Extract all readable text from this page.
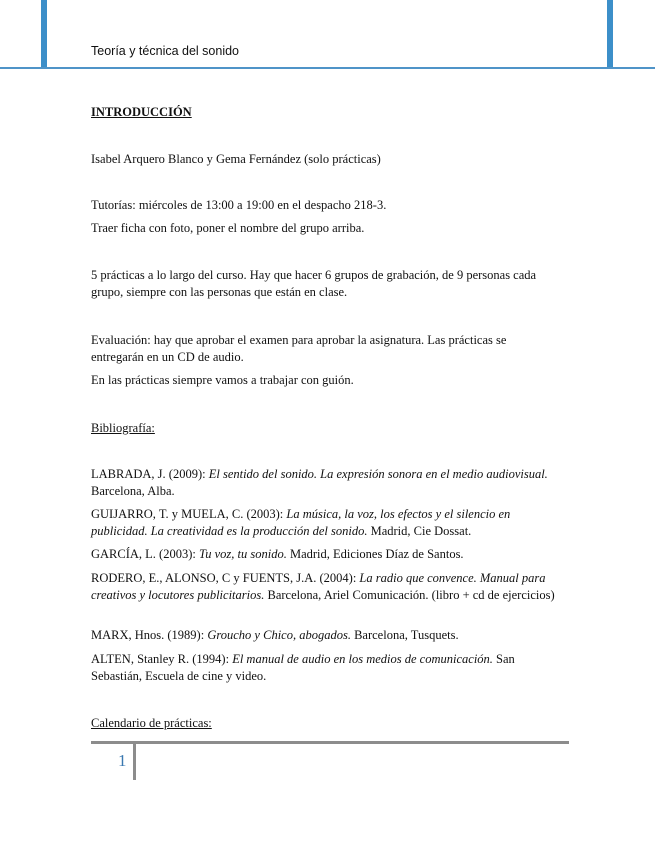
Teoría y técnica del sonido

INTRODUCCIÓN

Isabel Arquero Blanco y Gema Fernández (solo prácticas)

Tutorías: miércoles de 13:00 a 19:00 en el despacho 218-3.

Traer ficha con foto, poner el nombre del grupo arriba.

5 prácticas a lo largo del curso. Hay que hacer 6 grupos de grabación, de 9 personas cada grupo, siempre con las personas que están en clase.

Evaluación: hay que aprobar el examen para aprobar la asignatura. Las prácticas se entregarán en un CD de audio.

En las prácticas siempre vamos a trabajar con guión.

Bibliografía:

LABRADA, J. (2009): El sentido del sonido. La expresión sonora en el medio audiovisual. Barcelona, Alba.

GUIJARRO, T. y MUELA, C. (2003): La música, la voz, los efectos y el silencio en publicidad. La creatividad es la producción del sonido. Madrid, Cie Dossat.

GARCÍA, L. (2003): Tu voz, tu sonido. Madrid, Ediciones Díaz de Santos.

RODERO, E., ALONSO, C y FUENTS, J.A. (2004): La radio que convence. Manual para creativos y locutores publicitarios. Barcelona, Ariel Comunicación. (libro + cd de ejercicios)

MARX, Hnos. (1989): Groucho y Chico, abogados. Barcelona, Tusquets.

ALTEN, Stanley R. (1994): El manual de audio en los medios de comunicación. San Sebastián, Escuela de cine y video.

Calendario de prácticas:

1
